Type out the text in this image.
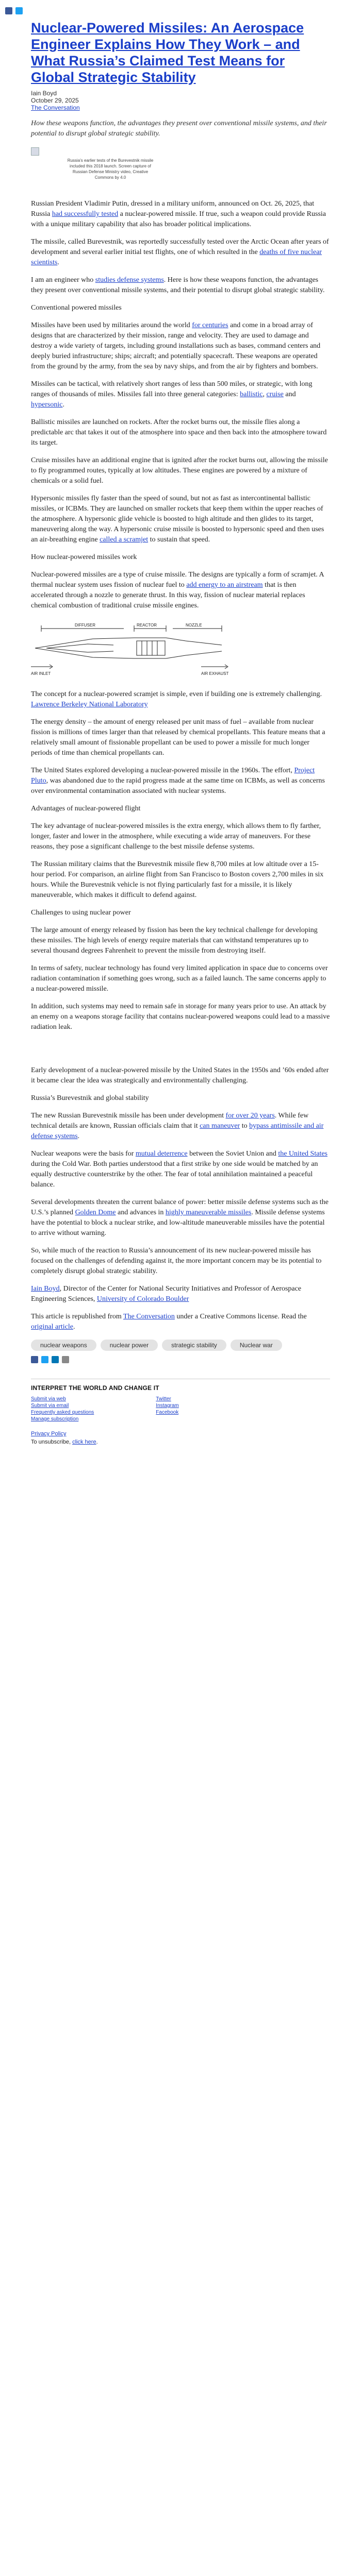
Nuclear-Powered Missiles: An Aerospace Engineer Explains How They Work – and What Russia’s Claimed Test Means for Global Strategic Stability
Iain Boyd
October 29, 2025
The Conversation

How these weapons function, the advantages they present over conventional missile systems, and their potential to disrupt global strategic stability.

Russia’s earlier tests of the Burevestnik missile included this 2018 launch. Screen capture of Russian Defense Ministry video, Creative Commons by 4.0

Russian President Vladimir Putin, dressed in a military uniform, announced on Oct. 26, 2025, that Russia had successfully tested a nuclear-powered missile. If true, such a weapon could provide Russia with a unique military capability that also has broader political implications.

The missile, called Burevestnik, was reportedly successfully tested over the Arctic Ocean after years of development and several earlier initial test flights, one of which resulted in the deaths of five nuclear scientists.

I am an engineer who studies defense systems. Here is how these weapons function, the advantages they present over conventional missile systems, and their potential to disrupt global strategic stability.

Conventional powered missiles

Missiles have been used by militaries around the world for centuries and come in a broad array of designs that are characterized by their mission, range and velocity. They are used to damage and destroy a wide variety of targets, including ground installations such as bases, command centers and deeply buried infrastructure; ships; aircraft; and potentially spacecraft. These weapons are operated from the ground by the army, from the sea by navy ships, and from the air by fighters and bombers.

Missiles can be tactical, with relatively short ranges of less than 500 miles, or strategic, with long ranges of thousands of miles. Missiles fall into three general categories: ballistic, cruise and hypersonic.

Ballistic missiles are launched on rockets. After the rocket burns out, the missile flies along a predictable arc that takes it out of the atmosphere into space and then back into the atmosphere toward its target.

Cruise missiles have an additional engine that is ignited after the rocket burns out, allowing the missile to fly programmed routes, typically at low altitudes. These engines are powered by a mixture of chemicals or a solid fuel.

Hypersonic missiles fly faster than the speed of sound, but not as fast as intercontinental ballistic missiles, or ICBMs. They are launched on smaller rockets that keep them within the upper reaches of the atmosphere. A hypersonic glide vehicle is boosted to high altitude and then glides to its target, maneuvering along the way. A hypersonic cruise missile is boosted to hypersonic speed and then uses an air-breathing engine called a scramjet to sustain that speed.

How nuclear-powered missiles work

Nuclear-powered missiles are a type of cruise missile. The designs are typically a form of scramjet. A thermal nuclear system uses fission of nuclear fuel to add energy to an airstream that is then accelerated through a nozzle to generate thrust. In this way, fission of nuclear material replaces chemical combustion of traditional cruise missile engines.

DIFFUSER	REACTOR	NOZZLE
AIR INLET	AIR EXHAUST

The concept for a nuclear-powered scramjet is simple, even if building one is extremely challenging. Lawrence Berkeley National Laboratory

The energy density – the amount of energy released per unit mass of fuel – available from nuclear fission is millions of times larger than that released by chemical propellants. This feature means that a relatively small amount of fissionable propellant can be used to power a missile for much longer periods of time than chemical propellants can.

The United States explored developing a nuclear-powered missile in the 1960s. The effort, Project Pluto, was abandoned due to the rapid progress made at the same time on ICBMs, as well as concerns over environmental contamination associated with nuclear systems.

Advantages of nuclear-powered flight

The key advantage of nuclear-powered missiles is the extra energy, which allows them to fly farther, longer, faster and lower in the atmosphere, while executing a wide array of maneuvers. For these reasons, they pose a significant challenge to the best missile defense systems.

The Russian military claims that the Burevestnik missile flew 8,700 miles at low altitude over a 15-hour period. For comparison, an airline flight from San Francisco to Boston covers 2,700 miles in six hours. While the Burevestnik vehicle is not flying particularly fast for a missile, it is likely maneuverable, which makes it difficult to defend against.

Challenges to using nuclear power

The large amount of energy released by fission has been the key technical challenge for developing these missiles. The high levels of energy require materials that can withstand temperatures up to several thousand degrees Fahrenheit to prevent the missile from destroying itself.

In terms of safety, nuclear technology has found very limited application in space due to concerns over radiation contamination if something goes wrong, such as a failed launch. The same concerns apply to a nuclear-powered missile.

In addition, such systems may need to remain safe in storage for many years prior to use. An attack by an enemy on a weapons storage facility that contains nuclear-powered weapons could lead to a massive radiation leak.

Early development of a nuclear-powered missile by the United States in the 1950s and ’60s ended after it became clear the idea was strategically and environmentally challenging.

Russia’s Burevestnik and global stability

The new Russian Burevestnik missile has been under development for over 20 years. While few technical details are known, Russian officials claim that it can maneuver to bypass antimissile and air defense systems.

Nuclear weapons were the basis for mutual deterrence between the Soviet Union and the United States during the Cold War. Both parties understood that a first strike by one side would be matched by an equally destructive counterstrike by the other. The fear of total annihilation maintained a peaceful balance.

Several developments threaten the current balance of power: better missile defense systems such as the U.S.’s planned Golden Dome and advances in highly maneuverable missiles. Missile defense systems have the potential to block a nuclear strike, and low-altitude maneuverable missiles have the potential to arrive without warning.

So, while much of the reaction to Russia’s announcement of its new nuclear-powered missile has focused on the challenges of defending against it, the more important concern may be its potential to completely disrupt global strategic stability.

Iain Boyd, Director of the Center for National Security Initiatives and Professor of Aerospace Engineering Sciences, University of Colorado Boulder

This article is republished from The Conversation under a Creative Commons license. Read the original article.

nuclear weapons	nuclear power	strategic stability	Nuclear war
INTERPRET THE WORLD AND CHANGE IT
Submit via web
Submit via email
Frequently asked questions
Manage subscription
Twitter
Instagram
Facebook
Privacy Policy
To unsubscribe, click here.
